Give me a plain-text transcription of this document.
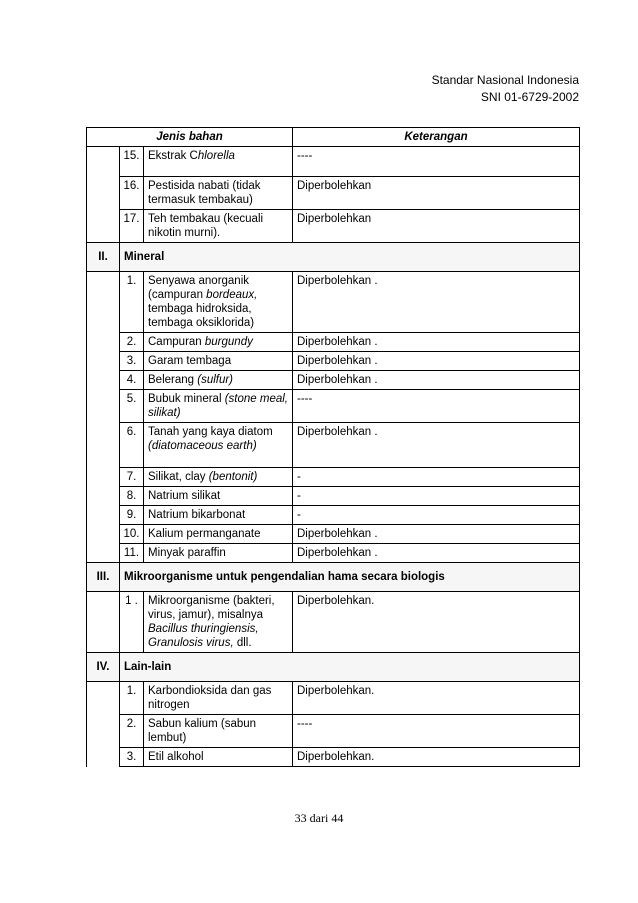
Standar Nasional Indonesia
SNI 01-6729-2002
Jenis bahan			Keterangan
	15.	Ekstrak Chlorella	----
	16.	Pestisida nabati (tidak termasuk tembakau)	Diperbolehkan
	17.	Teh tembakau (kecuali nikotin murni).	Diperbolehkan
II.	Mineral		
	1.	Senyawa anorganik (campuran bordeaux, tembaga hidroksida, tembaga oksiklorida)	Diperbolehkan .
	2.	Campuran burgundy	Diperbolehkan .
	3.	Garam tembaga	Diperbolehkan .
	4.	Belerang (sulfur)	Diperbolehkan .
	5.	Bubuk mineral (stone meal, silikat)	----
	6.	Tanah yang kaya diatom (diatomaceous earth)	Diperbolehkan .
	7.	Silikat, clay (bentonit)	-
	8.	Natrium silikat	-
	9.	Natrium bikarbonat	-
	10.	Kalium permanganate	Diperbolehkan .
	11.	Minyak paraffin	Diperbolehkan .
III.	Mikroorganisme untuk pengendalian hama secara biologis		
	1 .	Mikroorganisme (bakteri, virus, jamur), misalnya Bacillus thuringiensis, Granulosis virus, dll.	Diperbolehkan.
IV.	Lain-lain		
	1.	Karbondioksida dan gas nitrogen	Diperbolehkan.
	2.	Sabun kalium (sabun lembut)	----
	3.	Etil alkohol	Diperbolehkan.
33 dari 44
